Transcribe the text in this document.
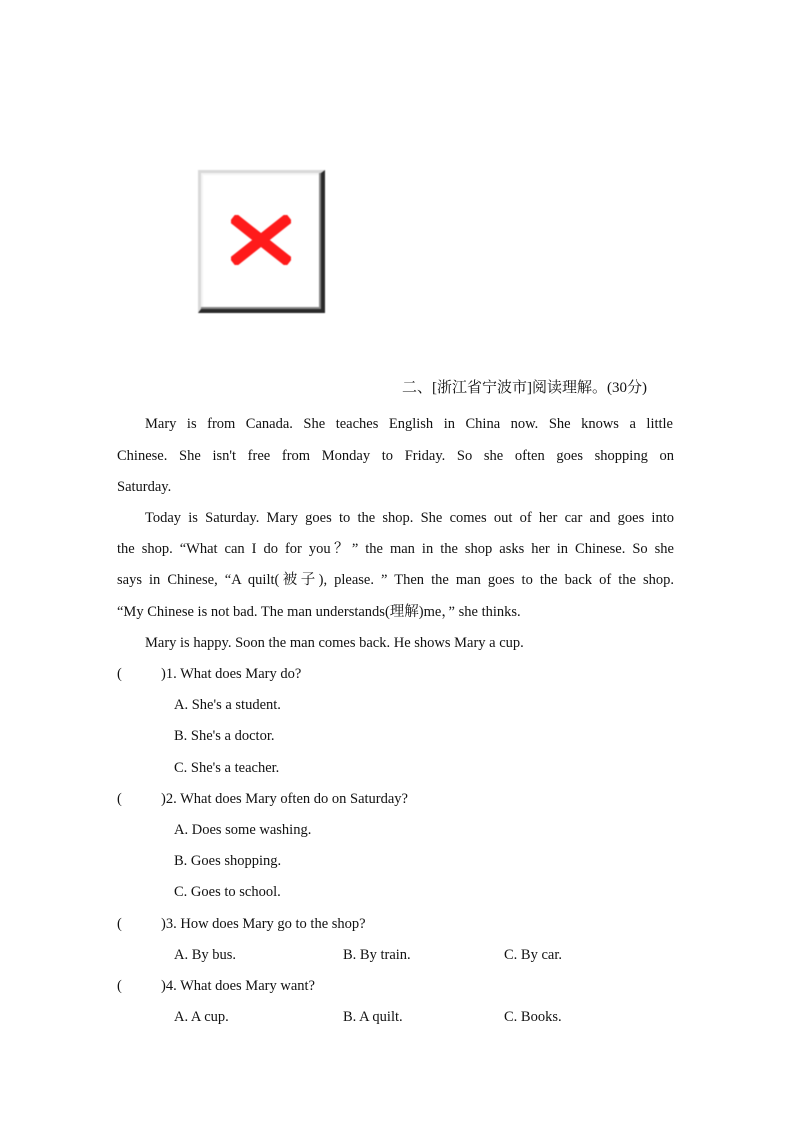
二、[浙江省宁波市]阅读理解。(30分)
Mary is from Canada. She teaches English in China now. She knows a little
Chinese. She isn't free from Monday to Friday. So she often goes shopping on
Saturday.
Today is Saturday. Mary goes to the shop. She comes out of her car and goes into
the shop. “What can I do for you？” the man in the shop asks her in Chinese. So she
says in Chinese, “A quilt(被子), please. ” Then the man goes to the back of the shop.
“My Chinese is not bad. The man understands(理解)me，” she thinks.
Mary is happy. Soon the man comes back. He shows Mary a cup.
(	)1. What does Mary do?
A. She's a student.
B. She's a doctor.
C. She's a teacher.
(	)2. What does Mary often do on Saturday?
A. Does some washing.
B. Goes shopping.
C. Goes to school.
(	)3. How does Mary go to the shop?
A. By bus.	B. By train.	C. By car.
(	)4. What does Mary want?
A. A cup.	B. A quilt.	C. Books.
